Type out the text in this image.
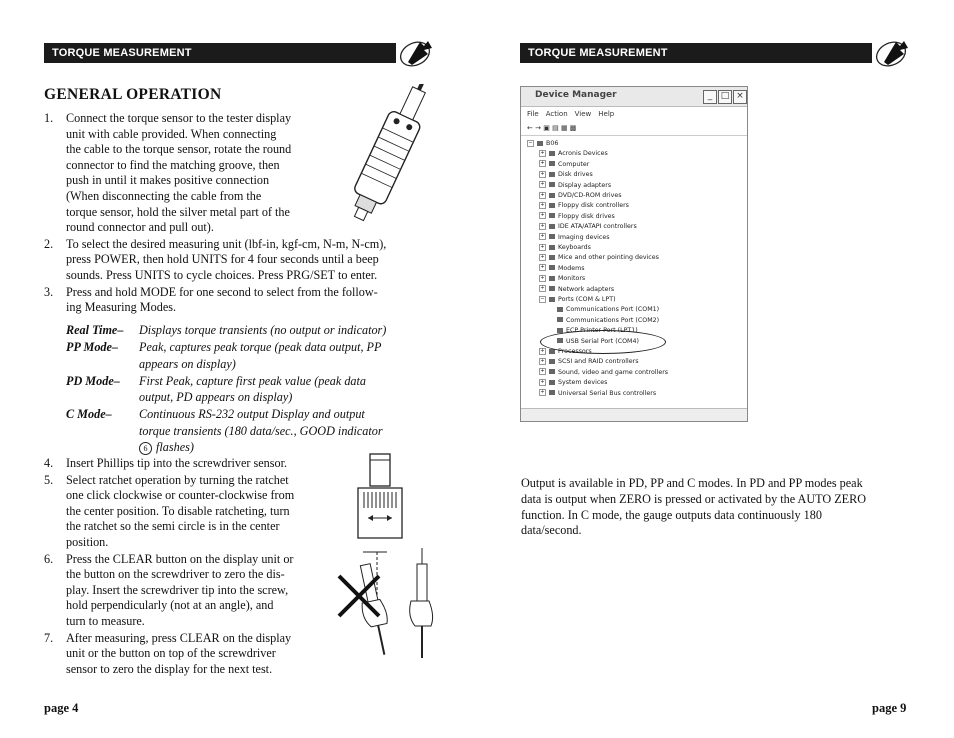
TORQUE MEASUREMENT
GENERAL OPERATION
1. Connect the torque sensor to the tester display
unit with cable provided. When connecting
the cable to the torque sensor, rotate the round
connector to find the matching groove, then
push in until it makes positive connection
(When disconnecting the cable from the
torque sensor, hold the silver metal part of the
round connector and pull out).
2. To select the desired measuring unit (lbf-in, kgf-cm, N-m, N-cm),
press POWER, then hold UNITS for 4 four seconds until a beep
sounds. Press UNITS to cycle choices. Press PRG/SET to enter.
3. Press and hold MODE for one second to select from the follow-
ing Measuring Modes.
Real Time– Displays torque transients (no output or indicator)
PP Mode– Peak, captures peak torque (peak data output, PP
appears on display)
PD Mode– First Peak, capture first peak value (peak data
output, PD appears on display)
C Mode– Continuous RS-232 output Display and output
torque transients (180 data/sec., GOOD indicator
6 flashes)
4. Insert Phillips tip into the screwdriver sensor.
5. Select ratchet operation by turning the ratchet
one click clockwise or counter-clockwise from
the center position. To disable ratcheting, turn
the ratchet so the semi circle is in the center
position.
6. Press the CLEAR button on the display unit or
the button on the screwdriver to zero the dis-
play. Insert the screwdriver tip into the screw,
hold perpendicularly (not at an angle), and
turn to measure.
7. After measuring, press CLEAR on the display
unit or the button on top of the screwdriver
sensor to zero the display for the next test.
page 4
TORQUE MEASUREMENT
Device Manager	_ □ ×
File Action View Help
← → ▣ ▤ ▦ ▩
− B06
+ Acronis Devices
+ Computer
+ Disk drives
+ Display adapters
+ DVD/CD-ROM drives
+ Floppy disk controllers
+ Floppy disk drives
+ IDE ATA/ATAPI controllers
+ Imaging devices
+ Keyboards
+ Mice and other pointing devices
+ Modems
+ Monitors
+ Network adapters
− Ports (COM & LPT)
Communications Port (COM1)
Communications Port (COM2)
ECP Printer Port (LPT1)
USB Serial Port (COM4)
+ Processors
+ SCSI and RAID controllers
+ Sound, video and game controllers
+ System devices
+ Universal Serial Bus controllers
Output is available in PD, PP and C modes. In PD and PP modes peak
data is output when ZERO is pressed or activated by the AUTO ZERO
function. In C mode, the gauge outputs data continuously 180
data/second.
page 9
